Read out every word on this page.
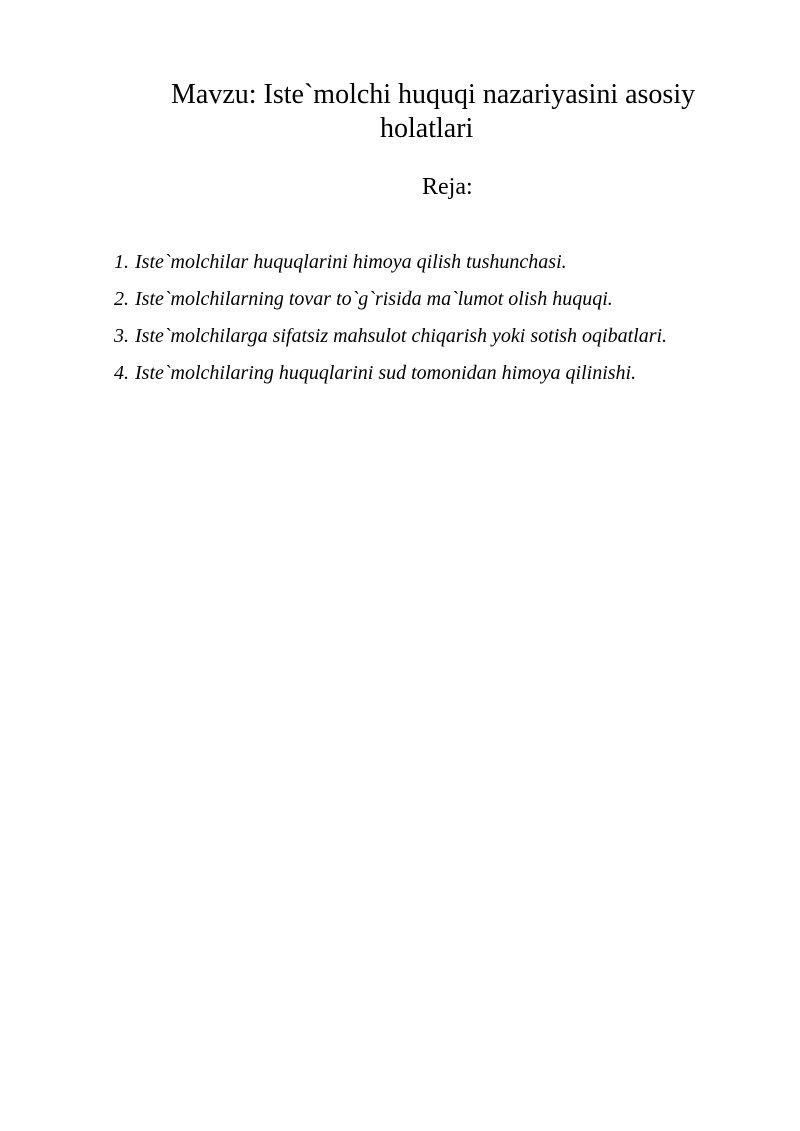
Mavzu: Iste`molchi huquqi nazariyasini asosiy
holatlari
Reja:
1. Iste`molchilar huquqlarini himoya qilish tushunchasi.
2. Iste`molchilarning tovar to`g`risida ma`lumot olish huquqi.
3. Iste`molchilarga sifatsiz mahsulot chiqarish yoki sotish oqibatlari.
4. Iste`molchilaring huquqlarini sud tomonidan himoya qilinishi.
